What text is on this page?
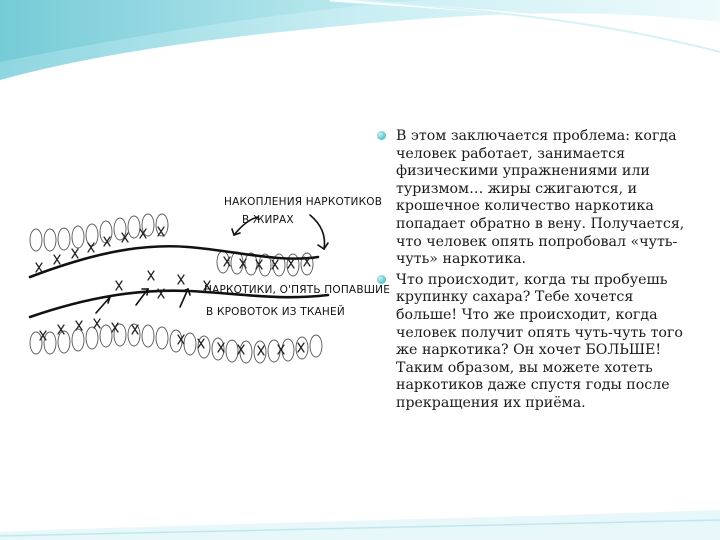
НАКОПЛЕНИЯ НАРКОТИКОВ
В ЖИРАХ
НАРКОТИКИ, О'ПЯТЬ ПОПАВШИЕ
В КРОВОТОК ИЗ ТКАНЕЙ
В этом заключается проблема: когда человек работает, занимается физическими упражнениями или туризмом… жиры сжигаются, и крошечное количество наркотика попадает обратно в вену. Получается, что человек опять попробовал «чуть-чуть» наркотика.
Что происходит, когда ты пробуешь крупинку сахара? Тебе хочется больше! Что же происходит, когда человек получит опять чуть-чуть того же наркотика? Он хочет БОЛЬШЕ! Таким образом, вы можете хотеть наркотиков даже спустя годы после прекращения их приёма.
